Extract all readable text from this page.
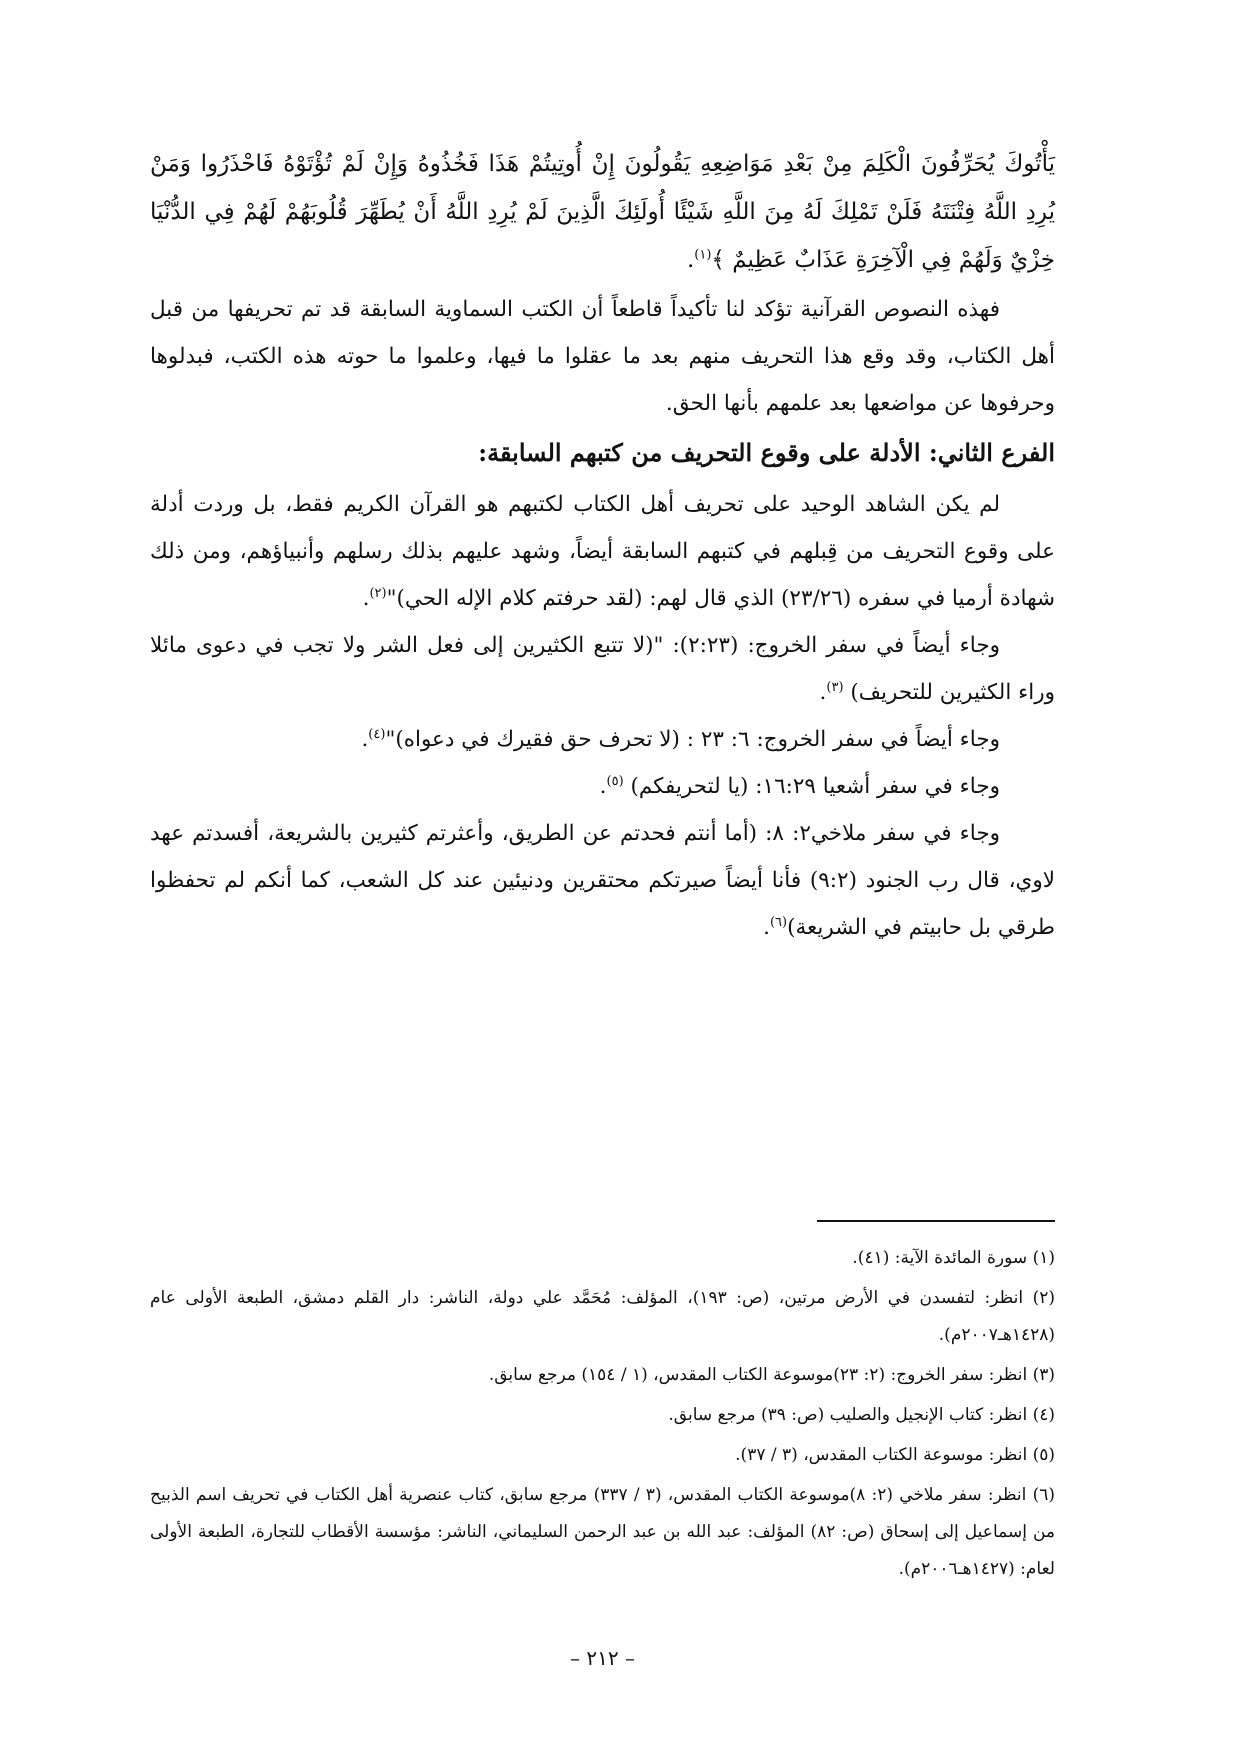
يَأْتُوكَ يُحَرِّفُونَ الْكَلِمَ مِنْ بَعْدِ مَوَاضِعِهِ يَقُولُونَ إِنْ أُوتِيتُمْ هَذَا فَخُذُوهُ وَإِنْ لَمْ تُؤْتَوْهُ فَاحْذَرُوا وَمَنْ يُرِدِ اللَّهُ فِتْنَتَهُ فَلَنْ تَمْلِكَ لَهُ مِنَ اللَّهِ شَيْئًا أُولَئِكَ الَّذِينَ لَمْ يُرِدِ اللَّهُ أَنْ يُطَهِّرَ قُلُوبَهُمْ لَهُمْ فِي الدُّنْيَا خِزْيٌ وَلَهُمْ فِي الْآخِرَةِ عَذَابٌ عَظِيمٌ ﴾$^{(١)}$.

فهذه النصوص القرآنية تؤكد لنا تأكيداً قاطعاً أن الكتب السماوية السابقة قد تم تحريفها من قبل أهل الكتاب، وقد وقع هذا التحريف منهم بعد ما عقلوا ما فيها، وعلموا ما حوته هذه الكتب، فبدلوها وحرفوها عن مواضعها بعد علمهم بأنها الحق.

الفرع الثاني: الأدلة على وقوع التحريف من كتبهم السابقة:

لم يكن الشاهد الوحيد على تحريف أهل الكتاب لكتبهم هو القرآن الكريم فقط، بل وردت أدلة على وقوع التحريف من قِبلهم في كتبهم السابقة أيضاً، وشهد عليهم بذلك رسلهم وأنبياؤهم، ومن ذلك شهادة أرميا في سفره (٢٣/٢٦) الذي قال لهم: (لقد حرفتم كلام الإله الحي)"$^{(٢)}$.

وجاء أيضاً في سفر الخروج: (٢:٢٣): "(لا تتبع الكثيرين إلى فعل الشر ولا تجب في دعوى مائلا وراء الكثيرين للتحريف) $^{(٣)}$.

وجاء أيضاً في سفر الخروج: ٦: ٢٣ : (لا تحرف حق فقيرك في دعواه)"$^{(٤)}$.

وجاء في سفر أشعيا ١٦:٢٩: (يا لتحريفكم) $^{(٥)}$.

وجاء في سفر ملاخي٢: ٨: (أما أنتم فحدتم عن الطريق، وأعثرتم كثيرين بالشريعة، أفسدتم عهد لاوي، قال رب الجنود (٩:٢) فأنا أيضاً صيرتكم محتقرين ودنيئين عند كل الشعب، كما أنكم لم تحفظوا طرقي بل حابيتم في الشريعة)$^{(٦)}$.

(١) سورة المائدة الآية: (٤١).

(٢) انظر: لتفسدن في الأرض مرتين، (ص: ١٩٣)، المؤلف: مُحَمَّد علي دولة، الناشر: دار القلم دمشق، الطبعة الأولى عام (١٤٢٨هـ٢٠٠٧م).

(٣) انظر: سفر الخروج: (٢: ٢٣)موسوعة الكتاب المقدس، (١ / ١٥٤) مرجع سابق.

(٤) انظر: كتاب الإنجيل والصليب (ص: ٣٩) مرجع سابق.

(٥) انظر: موسوعة الكتاب المقدس، (٣ / ٣٧).

(٦) انظر: سفر ملاخي (٢: ٨)موسوعة الكتاب المقدس، (٣ / ٣٣٧) مرجع سابق، كتاب عنصرية أهل الكتاب في تحريف اسم الذبيح من إسماعيل إلى إسحاق (ص: ٨٢) المؤلف: عبد الله بن عبد الرحمن السليماني، الناشر: مؤسسة الأقطاب للتجارة، الطبعة الأولى لعام: (١٤٢٧هـ٢٠٠٦م).

– ٢١٢ –
